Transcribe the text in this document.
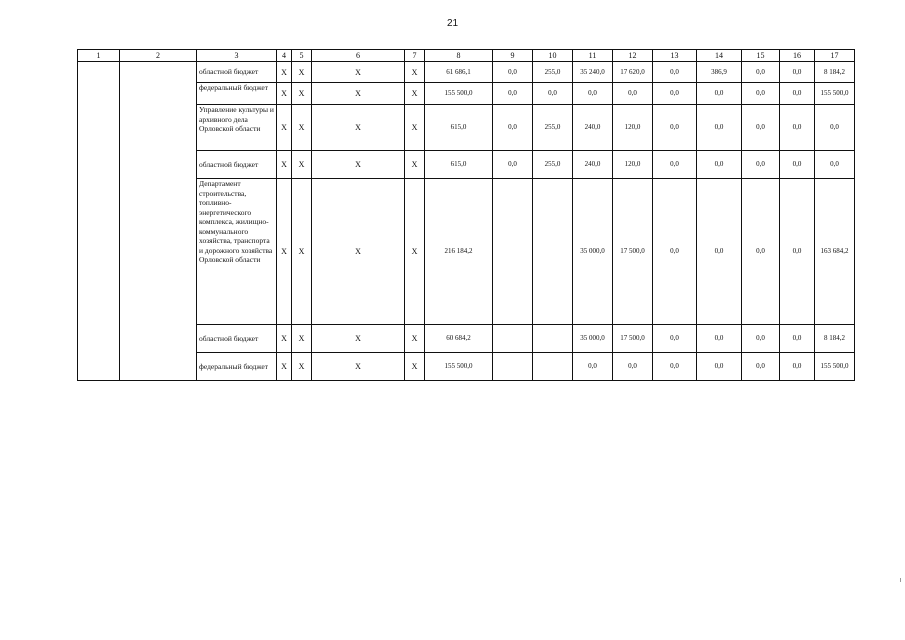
21
1	2	3	4	5	6	7	8	9	10	11	12	13	14	15	16	17
		областной бюджет	Х	Х	Х	Х	61 686,1	0,0	255,0	35 240,0	17 620,0	0,0	386,9	0,0	0,0	8 184,2
		федеральный бюджет	Х	Х	Х	Х	155 500,0	0,0	0,0	0,0	0,0	0,0	0,0	0,0	0,0	155 500,0
		Управление культуры и архивного дела Орловской области	Х	Х	Х	Х	615,0	0,0	255,0	240,0	120,0	0,0	0,0	0,0	0,0	0,0
		областной бюджет	Х	Х	Х	Х	615,0	0,0	255,0	240,0	120,0	0,0	0,0	0,0	0,0	0,0
		Департамент строительства, топливно-энергетического комплекса, жилищно-коммунального хозяйства, транспорта и дорожного хозяйства Орловской области	Х	Х	Х	Х	216 184,2			35 000,0	17 500,0	0,0	0,0	0,0	0,0	163 684,2
		областной бюджет	Х	Х	Х	Х	60 684,2			35 000,0	17 500,0	0,0	0,0	0,0	0,0	8 184,2
		федеральный бюджет	Х	Х	Х	Х	155 500,0			0,0	0,0	0,0	0,0	0,0	0,0	155 500,0
